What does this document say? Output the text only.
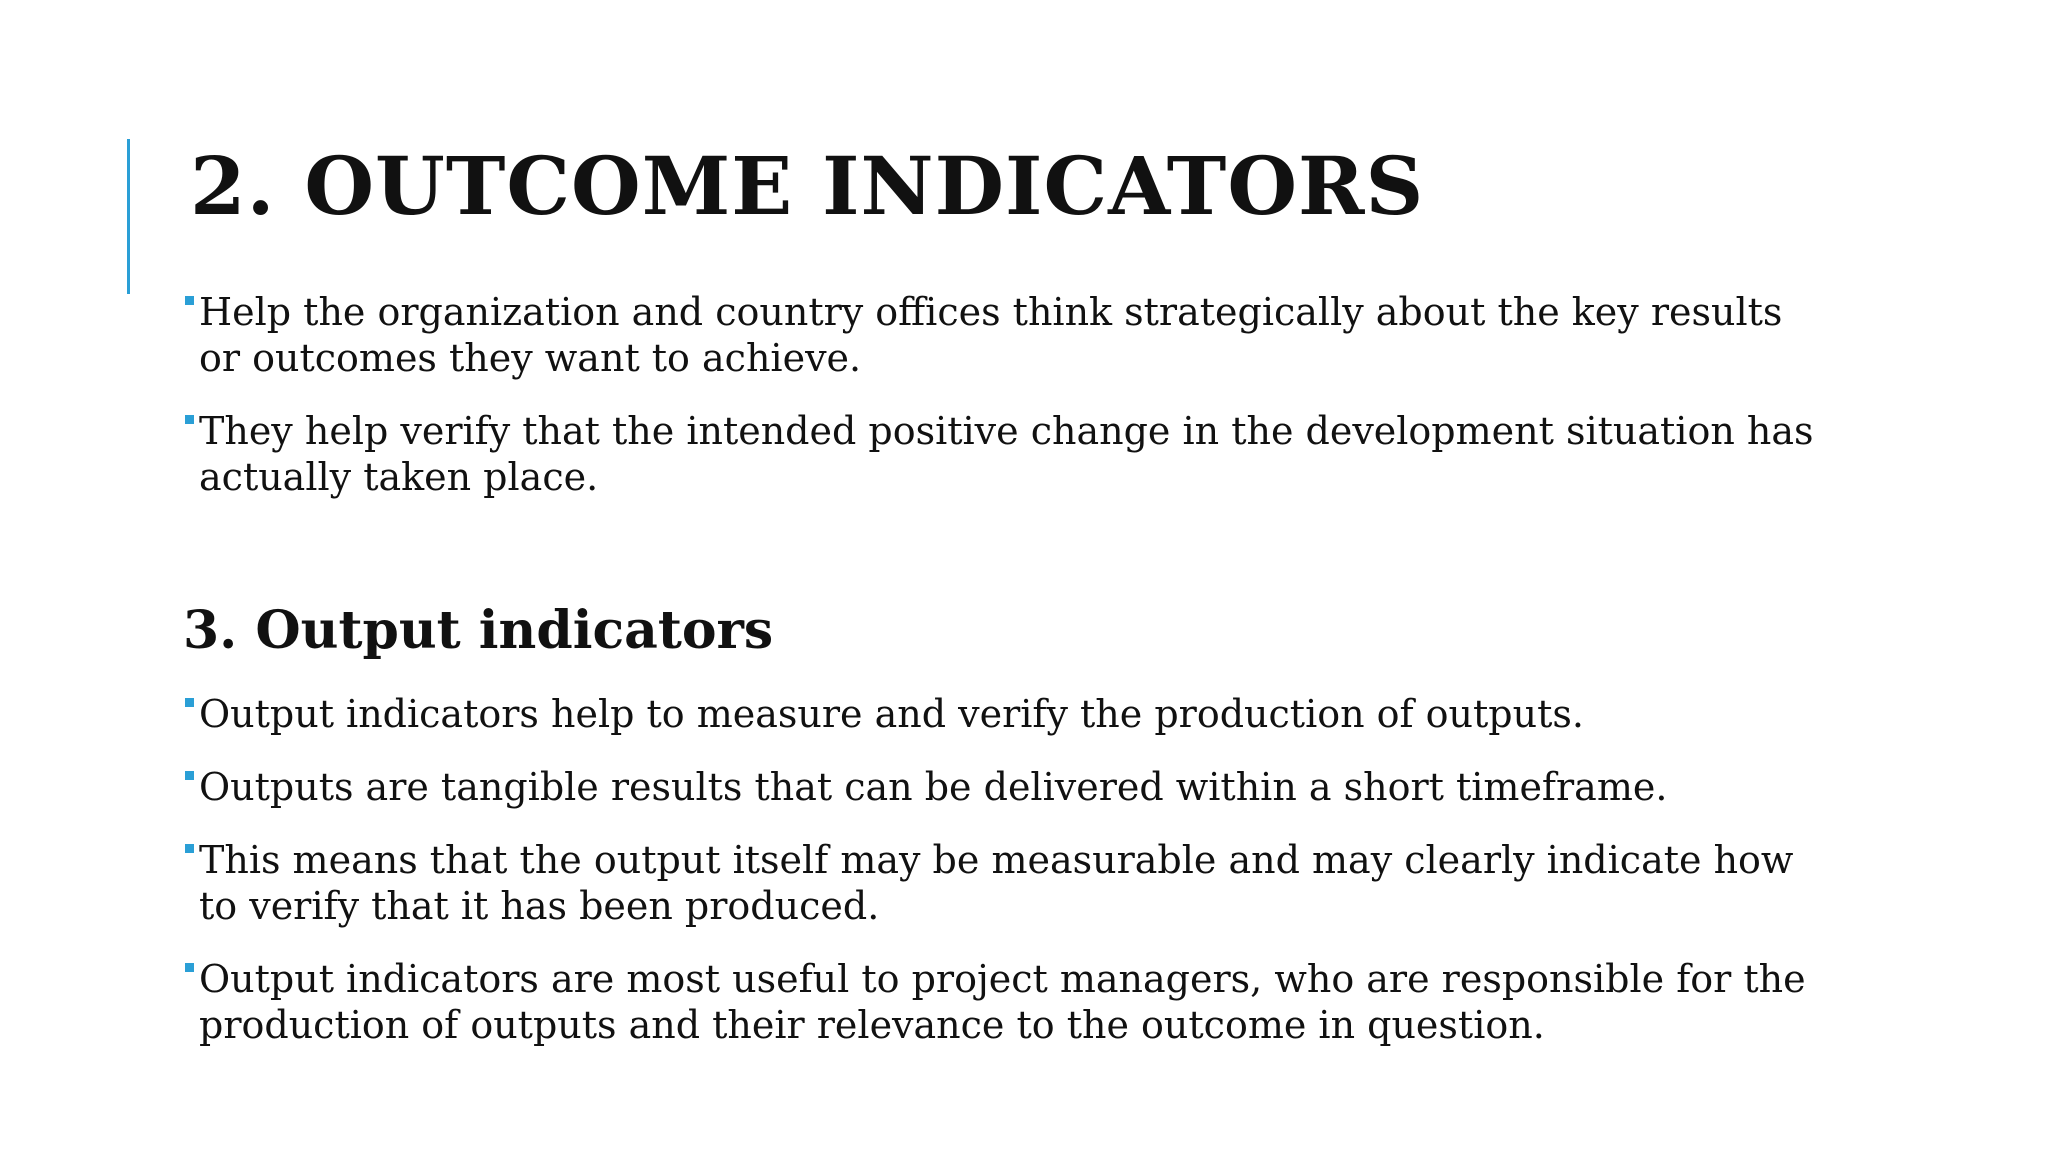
2. OUTCOME INDICATORS
Help the organization and country offices think strategically about the key results or outcomes they want to achieve.
They help verify that the intended positive change in the development situation has actually taken place.
3. Output indicators
Output indicators help to measure and verify the production of outputs.
Outputs are tangible results that can be delivered within a short timeframe.
This means that the output itself may be measurable and may clearly indicate how to verify that it has been produced.
Output indicators are most useful to project managers, who are responsible for the production of outputs and their relevance to the outcome in question.
